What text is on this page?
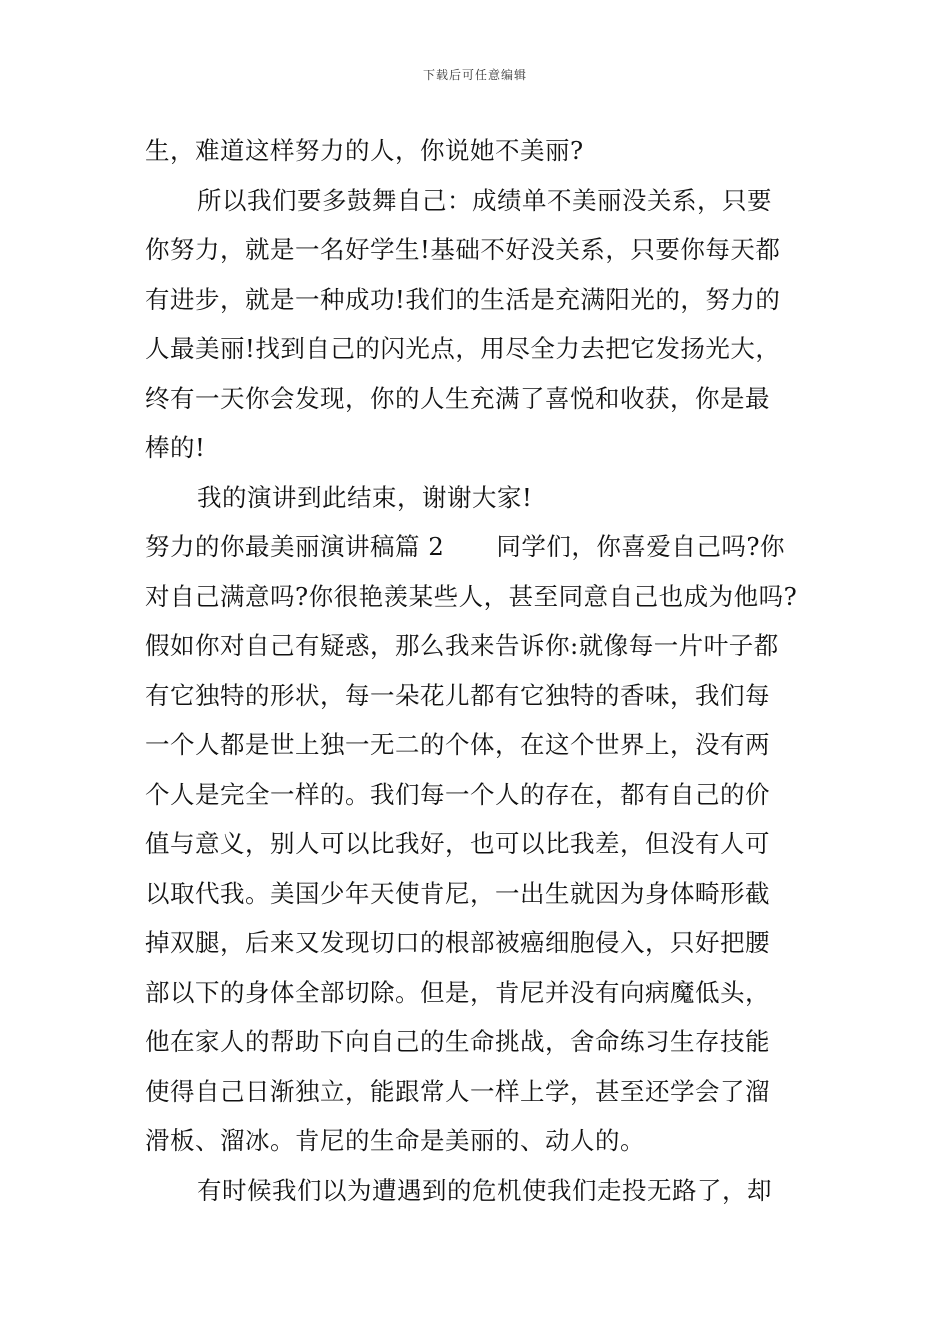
下载后可任意编辑
生，难道这样努力的人，你说她不美丽?
所以我们要多鼓舞自己：成绩单不美丽没关系，只要
你努力，就是一名好学生!基础不好没关系，只要你每天都
有进步，就是一种成功!我们的生活是充满阳光的，努力的
人最美丽!找到自己的闪光点，用尽全力去把它发扬光大，
终有一天你会发现，你的人生充满了喜悦和收获，你是最
棒的!
我的演讲到此结束，谢谢大家!
努力的你最美丽演讲稿篇 2 同学们，你喜爱自己吗?你
对自己满意吗?你很艳羡某些人，甚至同意自己也成为他吗?
假如你对自己有疑惑，那么我来告诉你:就像每一片叶子都
有它独特的形状，每一朵花儿都有它独特的香味，我们每
一个人都是世上独一无二的个体，在这个世界上，没有两
个人是完全一样的。我们每一个人的存在，都有自己的价
值与意义，别人可以比我好，也可以比我差，但没有人可
以取代我。美国少年天使肯尼，一出生就因为身体畸形截
掉双腿，后来又发现切口的根部被癌细胞侵入，只好把腰
部以下的身体全部切除。但是，肯尼并没有向病魔低头，
他在家人的帮助下向自己的生命挑战，舍命练习生存技能
使得自己日渐独立，能跟常人一样上学，甚至还学会了溜
滑板、溜冰。肯尼的生命是美丽的、动人的。
有时候我们以为遭遇到的危机使我们走投无路了，却
